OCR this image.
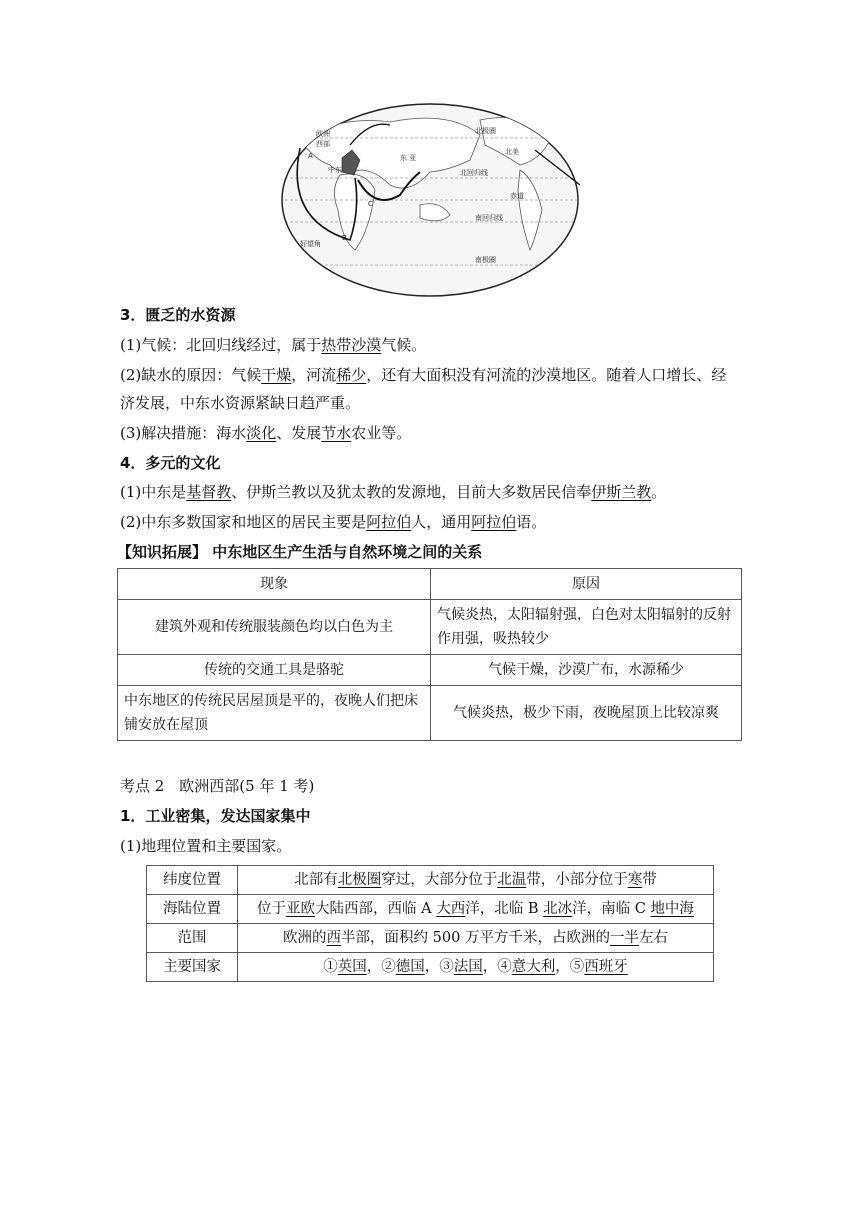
欧洲
西部
A
中东
东 亚
北美
北极圈
北回归线
赤道
C
南回归线
B
好望角
南极圈
3．匮乏的水资源
(1)气候：北回归线经过，属于热带沙漠气候。
(2)缺水的原因：气候干燥，河流稀少，还有大面积没有河流的沙漠地区。随着人口增长、经
济发展，中东水资源紧缺日趋严重。
(3)解决措施：海水淡化、发展节水农业等。
4．多元的文化
(1)中东是基督教、伊斯兰教以及犹太教的发源地，目前大多数居民信奉伊斯兰教。
(2)中东多数国家和地区的居民主要是阿拉伯人，通用阿拉伯语。
【知识拓展】 中东地区生产生活与自然环境之间的关系
现象	原因
建筑外观和传统服装颜色均以白色为主	气候炎热，太阳辐射强，白色对太阳辐射的反射作用强，吸热较少
传统的交通工具是骆驼	气候干燥，沙漠广布，水源稀少
中东地区的传统民居屋顶是平的，夜晚人们把床铺安放在屋顶	气候炎热，极少下雨，夜晚屋顶上比较凉爽
考点 2　欧洲西部(5 年 1 考)
1．工业密集，发达国家集中
(1)地理位置和主要国家。
纬度位置	北部有北极圈穿过，大部分位于北温带，小部分位于寒带
海陆位置	位于亚欧大陆西部，西临 A 大西洋，北临 B 北冰洋，南临 C 地中海
范围	欧洲的西半部，面积约 500 万平方千米，占欧洲的一半左右
主要国家	①英国，②德国，③法国，④意大利，⑤西班牙
